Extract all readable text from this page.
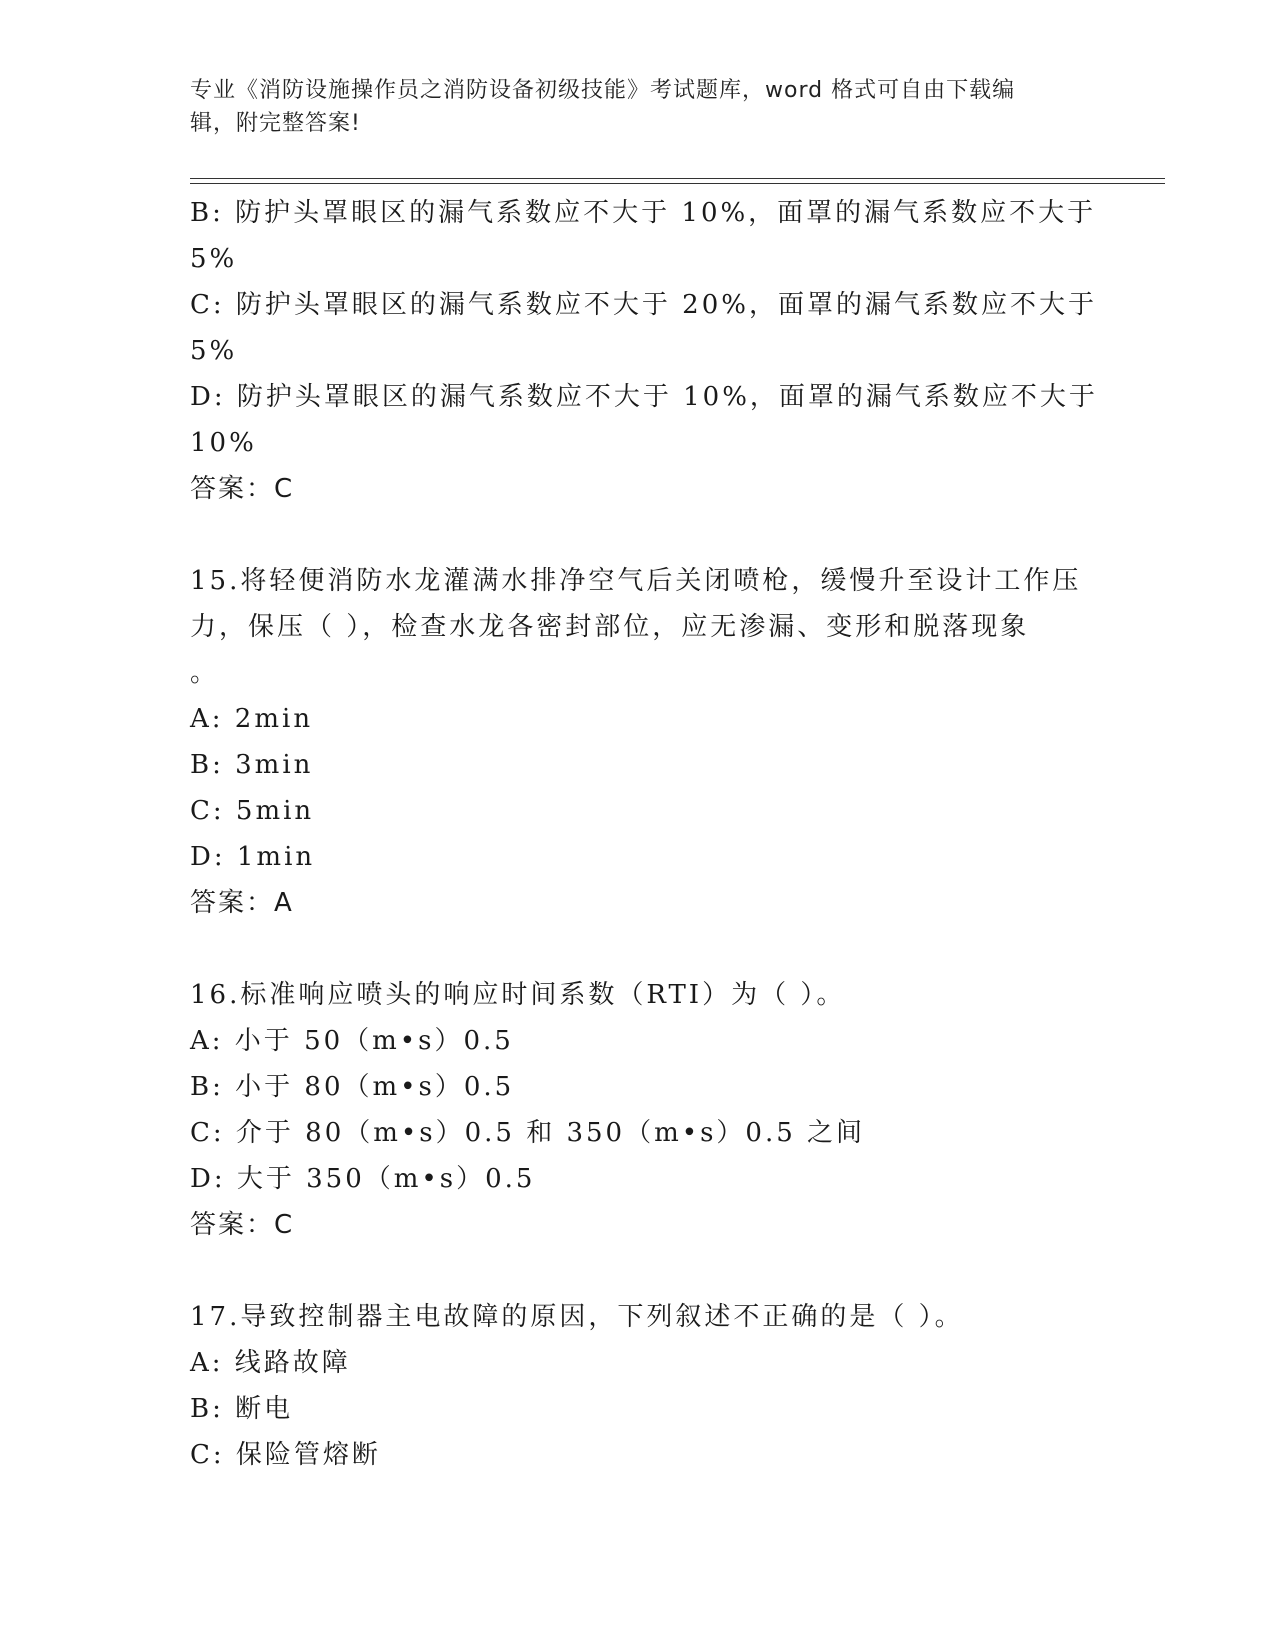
专业《消防设施操作员之消防设备初级技能》考试题库，word 格式可自由下载编
辑，附完整答案!
B: 防护头罩眼区的漏气系数应不大于 10%，面罩的漏气系数应不大于
5%
C: 防护头罩眼区的漏气系数应不大于 20%，面罩的漏气系数应不大于
5%
D: 防护头罩眼区的漏气系数应不大于 10%，面罩的漏气系数应不大于
10%
答案：C
15.将轻便消防水龙灌满水排净空气后关闭喷枪，缓慢升至设计工作压
力，保压（ ），检查水龙各密封部位，应无渗漏、变形和脱落现象
。
A: 2min
B: 3min
C: 5min
D: 1min
答案：A
16.标准响应喷头的响应时间系数（RTI）为（ ）。
A: 小于 50（m•s）0.5
B: 小于 80（m•s）0.5
C: 介于 80（m•s）0.5 和 350（m•s）0.5 之间
D: 大于 350（m•s）0.5
答案：C
17.导致控制器主电故障的原因，下列叙述不正确的是（ ）。
A: 线路故障
B: 断电
C: 保险管熔断
